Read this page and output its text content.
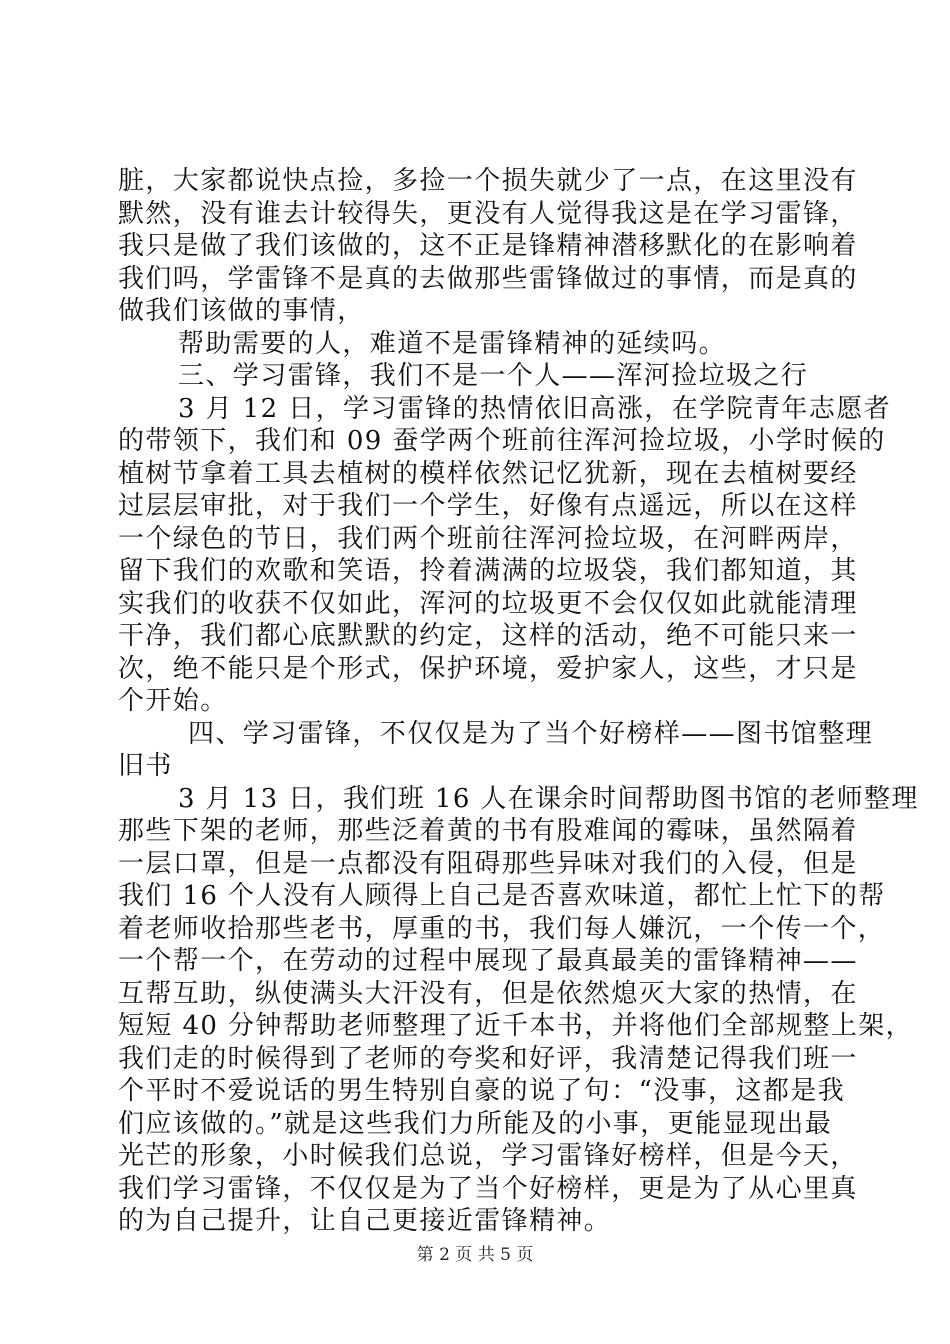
脏，大家都说快点捡，多捡一个损失就少了一点，在这里没有
默然，没有谁去计较得失，更没有人觉得我这是在学习雷锋，
我只是做了我们该做的，这不正是锋精神潜移默化的在影响着
我们吗，学雷锋不是真的去做那些雷锋做过的事情，而是真的
做我们该做的事情，
帮助需要的人，难道不是雷锋精神的延续吗。
三、学习雷锋，我们不是一个人——浑河捡垃圾之行
3 月 12 日，学习雷锋的热情依旧高涨，在学院青年志愿者
的带领下，我们和 09 蚕学两个班前往浑河捡垃圾，小学时候的
植树节拿着工具去植树的模样依然记忆犹新，现在去植树要经
过层层审批，对于我们一个学生，好像有点遥远，所以在这样
一个绿色的节日，我们两个班前往浑河捡垃圾，在河畔两岸，
留下我们的欢歌和笑语，拎着满满的垃圾袋，我们都知道，其
实我们的收获不仅如此，浑河的垃圾更不会仅仅如此就能清理
干净，我们都心底默默的约定，这样的活动，绝不可能只来一
次，绝不能只是个形式，保护环境，爱护家人，这些，才只是
个开始。
四、学习雷锋，不仅仅是为了当个好榜样——图书馆整理
旧书
3 月 13 日，我们班 16 人在课余时间帮助图书馆的老师整理
那些下架的老师，那些泛着黄的书有股难闻的霉味，虽然隔着
一层口罩，但是一点都没有阻碍那些异味对我们的入侵，但是
我们 16 个人没有人顾得上自己是否喜欢味道，都忙上忙下的帮
着老师收拾那些老书，厚重的书，我们每人嫌沉，一个传一个，
一个帮一个，在劳动的过程中展现了最真最美的雷锋精神——
互帮互助，纵使满头大汗没有，但是依然熄灭大家的热情，在
短短 40 分钟帮助老师整理了近千本书，并将他们全部规整上架，
我们走的时候得到了老师的夸奖和好评，我清楚记得我们班一
个平时不爱说话的男生特别自豪的说了句：“没事，这都是我
们应该做的。”就是这些我们力所能及的小事，更能显现出最
光芒的形象，小时候我们总说，学习雷锋好榜样，但是今天，
我们学习雷锋，不仅仅是为了当个好榜样，更是为了从心里真
的为自己提升，让自己更接近雷锋精神。
第 2 页 共 5 页
